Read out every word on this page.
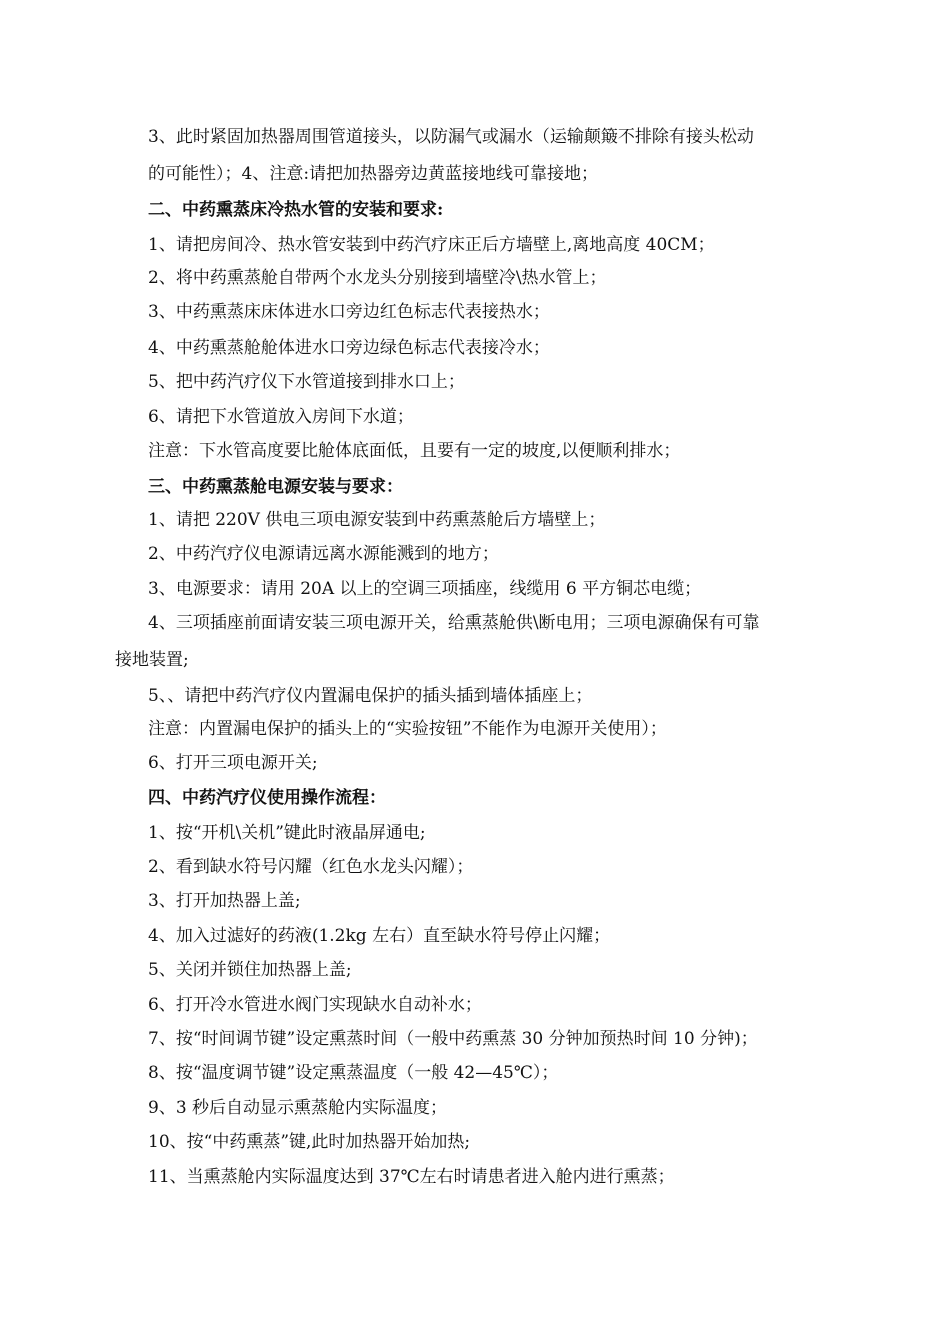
3、此时紧固加热器周围管道接头，以防漏气或漏水（运输颠簸不排除有接头松动
的可能性）；4、注意:请把加热器旁边黄蓝接地线可靠接地；
二、中药熏蒸床冷热水管的安装和要求:
1、请把房间冷、热水管安装到中药汽疗床正后方墙壁上,离地高度 40CM；
2、将中药熏蒸舱自带两个水龙头分别接到墙壁冷\热水管上；
3、中药熏蒸床床体进水口旁边红色标志代表接热水；
4、中药熏蒸舱舱体进水口旁边绿色标志代表接冷水；
5、把中药汽疗仪下水管道接到排水口上；
6、请把下水管道放入房间下水道；
注意：下水管高度要比舱体底面低，且要有一定的坡度,以便顺利排水；
三、中药熏蒸舱电源安装与要求：
1、请把 220V 供电三项电源安装到中药熏蒸舱后方墙壁上；
2、中药汽疗仪电源请远离水源能溅到的地方；
3、电源要求：请用 20A 以上的空调三项插座，线缆用 6 平方铜芯电缆；
4、三项插座前面请安装三项电源开关，给熏蒸舱供\断电用；三项电源确保有可靠
接地装置;
5、、请把中药汽疗仪内置漏电保护的插头插到墙体插座上；
注意：内置漏电保护的插头上的“实验按钮”不能作为电源开关使用）；
6、打开三项电源开关;
四、中药汽疗仪使用操作流程：
1、按“开机\关机”键此时液晶屏通电;
2、看到缺水符号闪耀（红色水龙头闪耀）；
3、打开加热器上盖;
4、加入过滤好的药液(1.2kg 左右）直至缺水符号停止闪耀；
5、关闭并锁住加热器上盖;
6、打开冷水管进水阀门实现缺水自动补水；
7、按“时间调节键”设定熏蒸时间（一般中药熏蒸 30 分钟加预热时间 10 分钟)；
8、按“温度调节键”设定熏蒸温度（一般 42—45℃）；
9、3 秒后自动显示熏蒸舱内实际温度；
10、按“中药熏蒸”键,此时加热器开始加热;
11、当熏蒸舱内实际温度达到 37℃左右时请患者进入舱内进行熏蒸；
